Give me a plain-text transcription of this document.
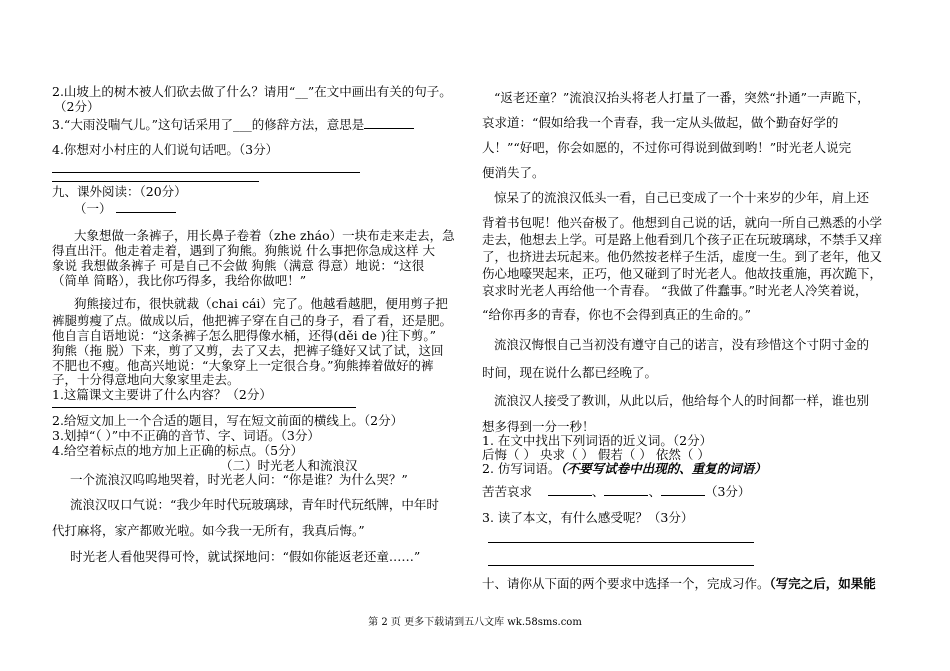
2.山坡上的树木被人们砍去做了什么？请用“__”在文中画出有关的句子。
（2分）
3.“大雨没喘气儿。”这句话采用了___的修辞方法，意思是
4.你想对小村庄的人们说句话吧。（3分）
九、课外阅读：（20分）
（一）
大象想做一条裤子，用长鼻子卷着（zhe zháo）一块布走来走去，急
得直出汗。他走着走着，遇到了狗熊。狗熊说 什么事把你急成这样 大
象说 我想做条裤子 可是自己不会做 狗熊（满意 得意）地说：“这很
（简单 简略），我比你巧得多，我给你做吧！”
狗熊接过布，很快就裁（chai cái）完了。他越看越肥，便用剪子把
裤腿剪瘦了点。做成以后，他把裤子穿在自己的身子，看了看，还是肥。
他自言自语地说：“这条裤子怎么肥得像水桶，还得(děi de )往下剪。”
狗熊（拖 脱）下来，剪了又剪，去了又去，把裤子缝好又试了试，这回
不肥也不瘦。他高兴地说：“大象穿上一定很合身。”狗熊捧着做好的裤
子，十分得意地向大象家里走去。
1.这篇课文主要讲了什么内容？（2分）
2.给短文加上一个合适的题目，写在短文前面的横线上。（2分）
3.划掉“（ ）”中不正确的音节、字、词语。（3分）
4.给空着标点的地方加上正确的标点。（5分）
（二）时光老人和流浪汉
一个流浪汉呜呜地哭着，时光老人问：“你是谁？为什么哭？”
流浪汉叹口气说：“我少年时代玩玻璃球，青年时代玩纸牌，中年时
代打麻将，家产都败光啦。如今我一无所有，我真后悔。”
时光老人看他哭得可怜，就试探地问：“假如你能返老还童……”
“返老还童？”流浪汉抬头将老人打量了一番，突然“扑通”一声跪下，
哀求道：“假如给我一个青春，我一定从头做起，做个勤奋好学的
人！”“好吧，你会如愿的，不过你可得说到做到哟！”时光老人说完
便消失了。
惊呆了的流浪汉低头一看，自己已变成了一个十来岁的少年，肩上还
背着书包呢！他兴奋极了。他想到自己说的话，就向一所自己熟悉的小学
走去，他想去上学。可是路上他看到几个孩子正在玩玻璃球，不禁手又痒
了，也挤进去玩起来。他仍然按老样子生活，虚度一生。到了老年，他又
伤心地嚎哭起来，正巧，他又碰到了时光老人。他故技重施，再次跪下，
哀求时光老人再给他一个青春。 “我做了件蠢事。”时光老人冷笑着说，
“给你再多的青春，你也不会得到真正的生命的。”
流浪汉悔恨自己当初没有遵守自己的诺言，没有珍惜这个寸阴寸金的
时间，现在说什么都已经晚了。
流浪汉人接受了教训，从此以后，他给每个人的时间都一样，谁也别
想多得到一分一秒！
1. 在文中找出下列词语的近义词。（2分）
后悔（ ） 央求（ ） 假若（ ） 依然（ ）
2. 仿写词语。（不要写试卷中出现的、重复的词语）
苦苦哀求	、	、	（3分）
3. 读了本文，有什么感受呢？（3分）
十、请你从下面的两个要求中选择一个，完成习作。（写完之后，如果能
第 2 页 更多下载请到五八文库 wk.58sms.com
